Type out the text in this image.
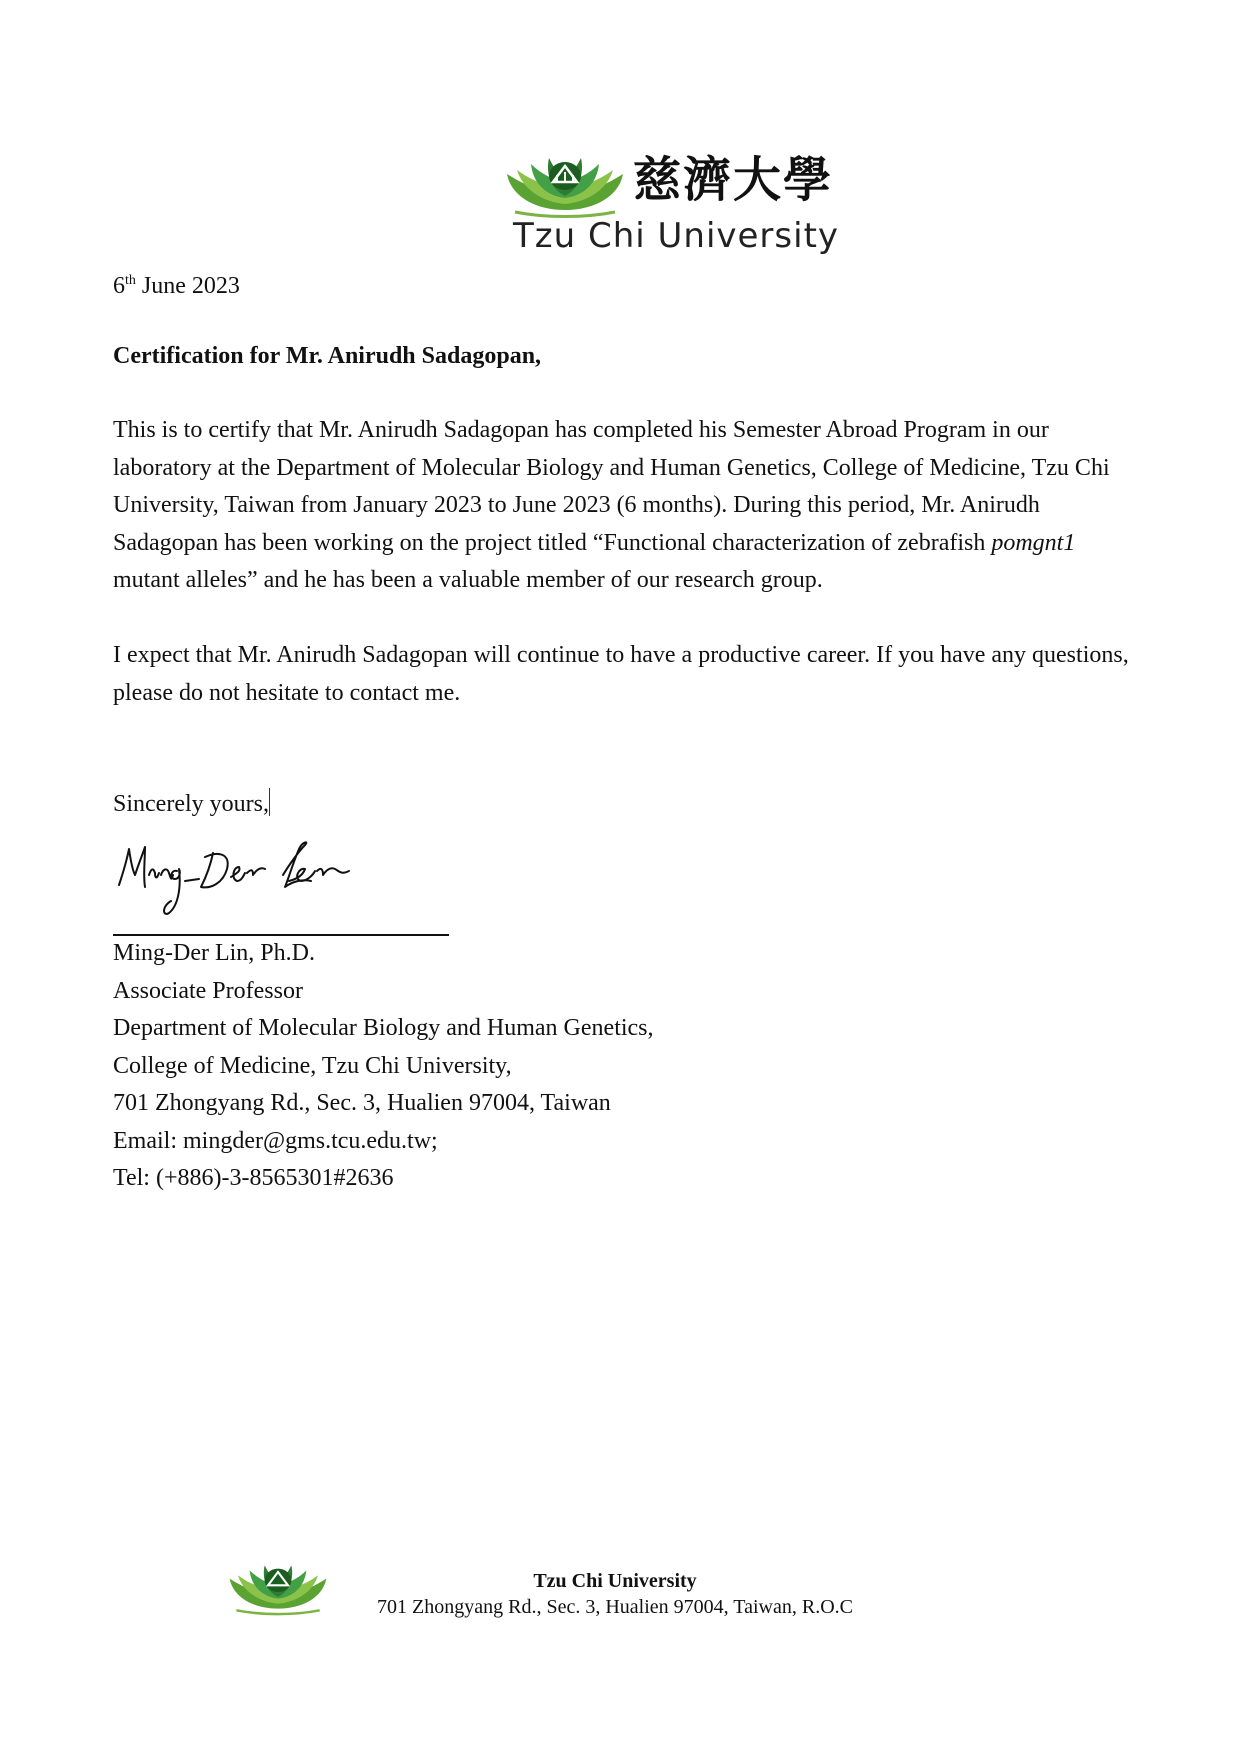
慈濟大學
Tzu Chi University
6th June 2023
Certification for Mr. Anirudh Sadagopan,
This is to certify that Mr. Anirudh Sadagopan has completed his Semester Abroad Program in our laboratory at the Department of Molecular Biology and Human Genetics, College of Medicine, Tzu Chi University, Taiwan from January 2023 to June 2023 (6 months). During this period, Mr. Anirudh Sadagopan has been working on the project titled “Functional characterization of zebrafish pomgnt1 mutant alleles” and he has been a valuable member of our research group.
I expect that Mr. Anirudh Sadagopan will continue to have a productive career. If you have any questions, please do not hesitate to contact me.
Sincerely yours,
Ming-Der Lin, Ph.D.
Associate Professor
Department of Molecular Biology and Human Genetics,
College of Medicine, Tzu Chi University,
701 Zhongyang Rd., Sec. 3, Hualien 97004, Taiwan
Email: mingder@gms.tcu.edu.tw;
Tel: (+886)-3-8565301#2636
Tzu Chi University
701 Zhongyang Rd., Sec. 3, Hualien 97004, Taiwan, R.O.C
